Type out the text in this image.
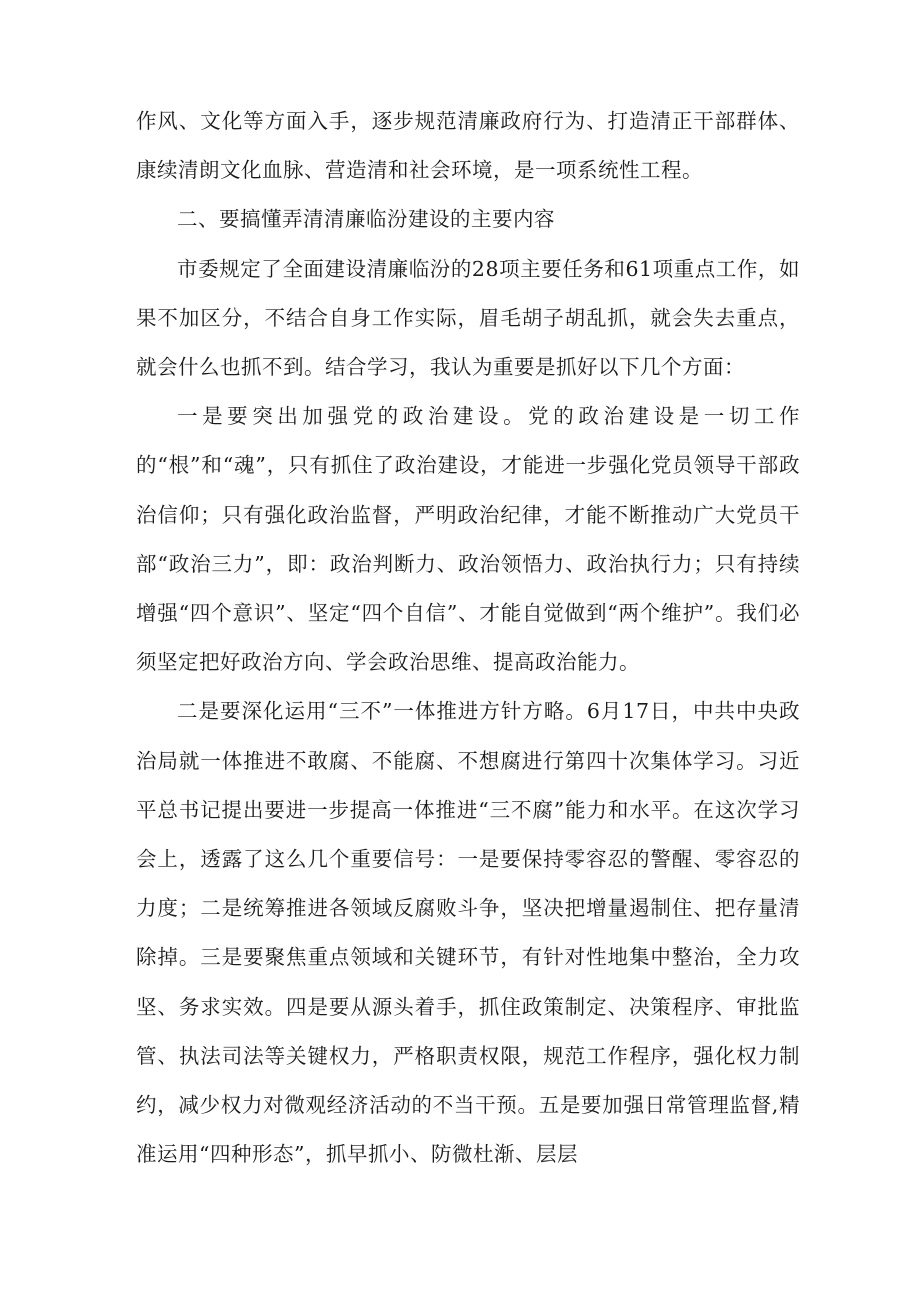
作风、文化等方面入手，逐步规范清廉政府行为、打造清正干部群体、康续清朗文化血脉、营造清和社会环境，是一项系统性工程。

二、要搞懂弄清清廉临汾建设的主要内容

市委规定了全面建设清廉临汾的28项主要任务和61项重点工作，如果不加区分，不结合自身工作实际，眉毛胡子胡乱抓，就会失去重点，就会什么也抓不到。结合学习，我认为重要是抓好以下几个方面：

一是要突出加强党的政治建设。党的政治建设是一切工作的“根”和“魂”，只有抓住了政治建设，才能进一步强化党员领导干部政治信仰；只有强化政治监督，严明政治纪律，才能不断推动广大党员干部“政治三力”，即：政治判断力、政治领悟力、政治执行力；只有持续增强“四个意识”、坚定“四个自信”、才能自觉做到“两个维护”。我们必须坚定把好政治方向、学会政治思维、提高政治能力。

二是要深化运用“三不”一体推进方针方略。6月17日，中共中央政治局就一体推进不敢腐、不能腐、不想腐进行第四十次集体学习。习近平总书记提出要进一步提高一体推进“三不腐”能力和水平。在这次学习会上，透露了这么几个重要信号：一是要保持零容忍的警醒、零容忍的力度；二是统筹推进各领域反腐败斗争，坚决把增量遏制住、把存量清除掉。三是要聚焦重点领域和关键环节，有针对性地集中整治，全力攻坚、务求实效。四是要从源头着手，抓住政策制定、决策程序、审批监管、执法司法等关键权力，严格职责权限，规范工作程序，强化权力制约，减少权力对微观经济活动的不当干预。五是要加强日常管理监督,精准运用“四种形态”，抓早抓小、防微杜渐、层层
